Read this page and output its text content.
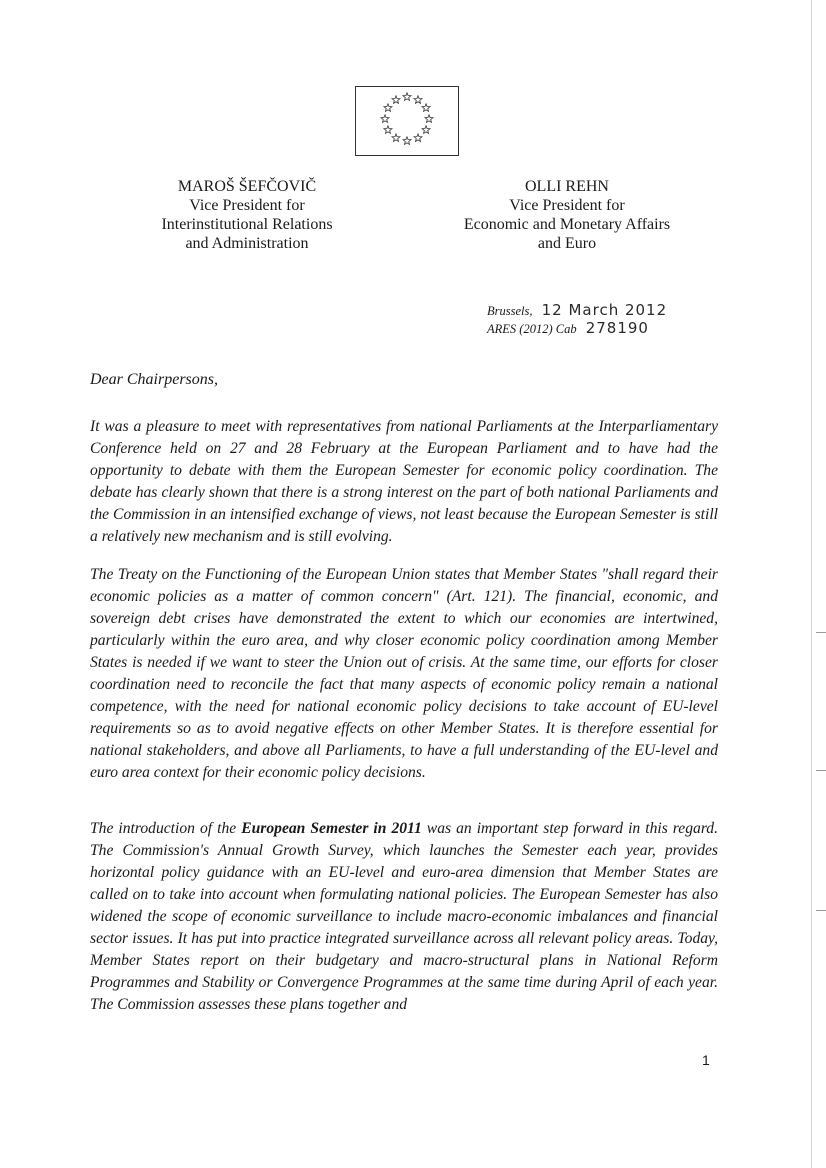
MAROŠ ŠEFČOVIČ
Vice President for
Interinstitutional Relations
and Administration
OLLI REHN
Vice President for
Economic and Monetary Affairs
and Euro
Brussels, 12 March 2012
ARES (2012) Cab 278190
Dear Chairpersons,

It was a pleasure to meet with representatives from national Parliaments at the Interparliamentary Conference held on 27 and 28 February at the European Parliament and to have had the opportunity to debate with them the European Semester for economic policy coordination. The debate has clearly shown that there is a strong interest on the part of both national Parliaments and the Commission in an intensified exchange of views, not least because the European Semester is still a relatively new mechanism and is still evolving.

The Treaty on the Functioning of the European Union states that Member States "shall regard their economic policies as a matter of common concern" (Art. 121). The financial, economic, and sovereign debt crises have demonstrated the extent to which our economies are intertwined, particularly within the euro area, and why closer economic policy coordination among Member States is needed if we want to steer the Union out of crisis. At the same time, our efforts for closer coordination need to reconcile the fact that many aspects of economic policy remain a national competence, with the need for national economic policy decisions to take account of EU-level requirements so as to avoid negative effects on other Member States. It is therefore essential for national stakeholders, and above all Parliaments, to have a full understanding of the EU-level and euro area context for their economic policy decisions.

The introduction of the European Semester in 2011 was an important step forward in this regard. The Commission's Annual Growth Survey, which launches the Semester each year, provides horizontal policy guidance with an EU-level and euro-area dimension that Member States are called on to take into account when formulating national policies. The European Semester has also widened the scope of economic surveillance to include macro-economic imbalances and financial sector issues. It has put into practice integrated surveillance across all relevant policy areas. Today, Member States report on their budgetary and macro-structural plans in National Reform Programmes and Stability or Convergence Programmes at the same time during April of each year. The Commission assesses these plans together and

1
